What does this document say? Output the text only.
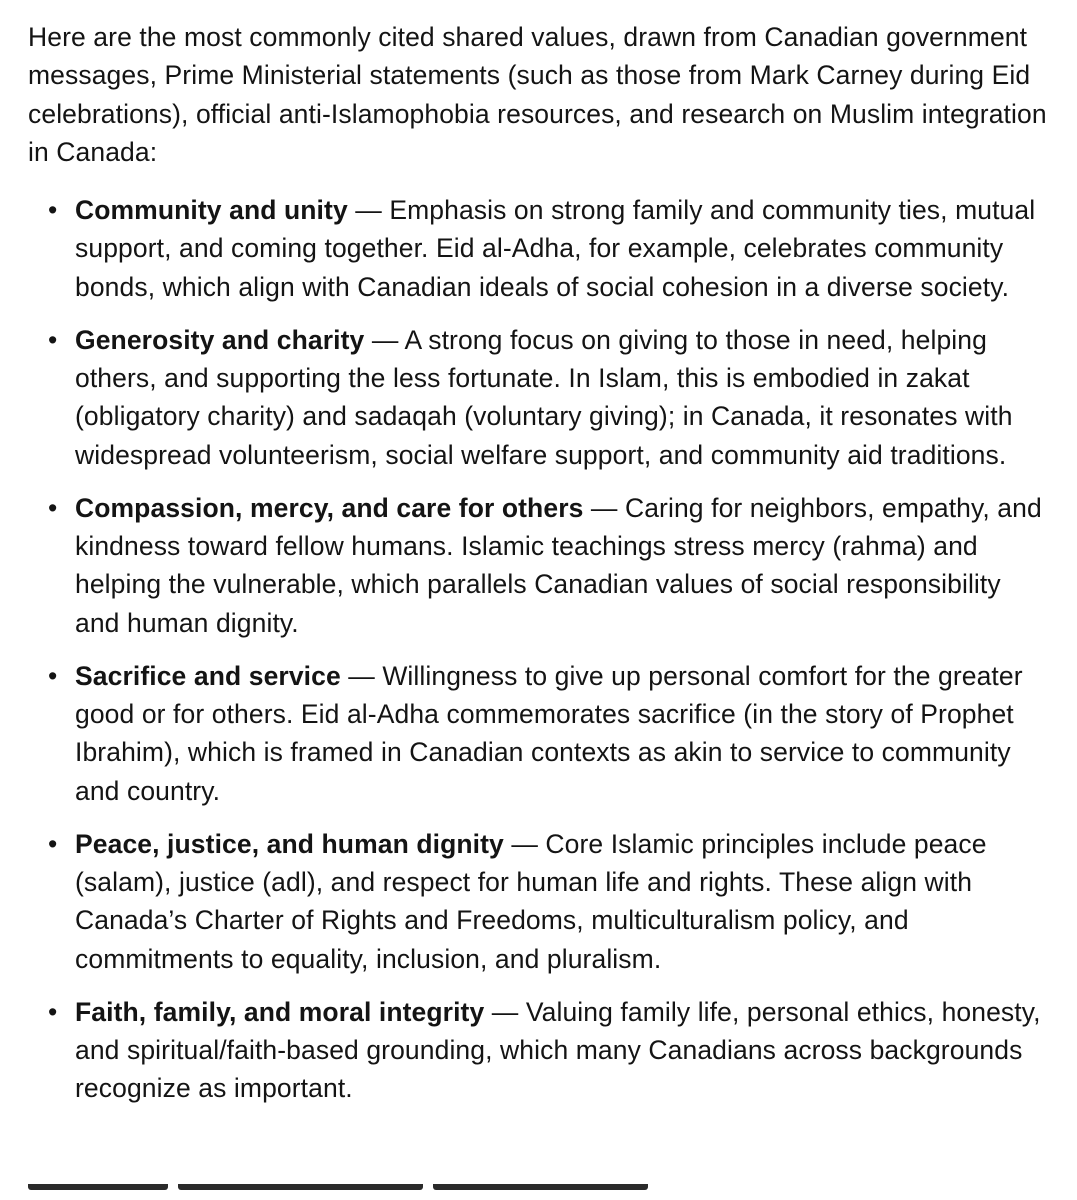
Here are the most commonly cited shared values, drawn from Canadian government messages, Prime Ministerial statements (such as those from Mark Carney during Eid celebrations), official anti-Islamophobia resources, and research on Muslim integration in Canada:

• Community and unity — Emphasis on strong family and community ties, mutual support, and coming together. Eid al-Adha, for example, celebrates community bonds, which align with Canadian ideals of social cohesion in a diverse society.
• Generosity and charity — A strong focus on giving to those in need, helping others, and supporting the less fortunate. In Islam, this is embodied in zakat (obligatory charity) and sadaqah (voluntary giving); in Canada, it resonates with widespread volunteerism, social welfare support, and community aid traditions.
• Compassion, mercy, and care for others — Caring for neighbors, empathy, and kindness toward fellow humans. Islamic teachings stress mercy (rahma) and helping the vulnerable, which parallels Canadian values of social responsibility and human dignity.
• Sacrifice and service — Willingness to give up personal comfort for the greater good or for others. Eid al-Adha commemorates sacrifice (in the story of Prophet Ibrahim), which is framed in Canadian contexts as akin to service to community and country.
• Peace, justice, and human dignity — Core Islamic principles include peace (salam), justice (adl), and respect for human life and rights. These align with Canada’s Charter of Rights and Freedoms, multiculturalism policy, and commitments to equality, inclusion, and pluralism.
• Faith, family, and moral integrity — Valuing family life, personal ethics, honesty, and spiritual/faith-based grounding, which many Canadians across backgrounds recognize as important.
